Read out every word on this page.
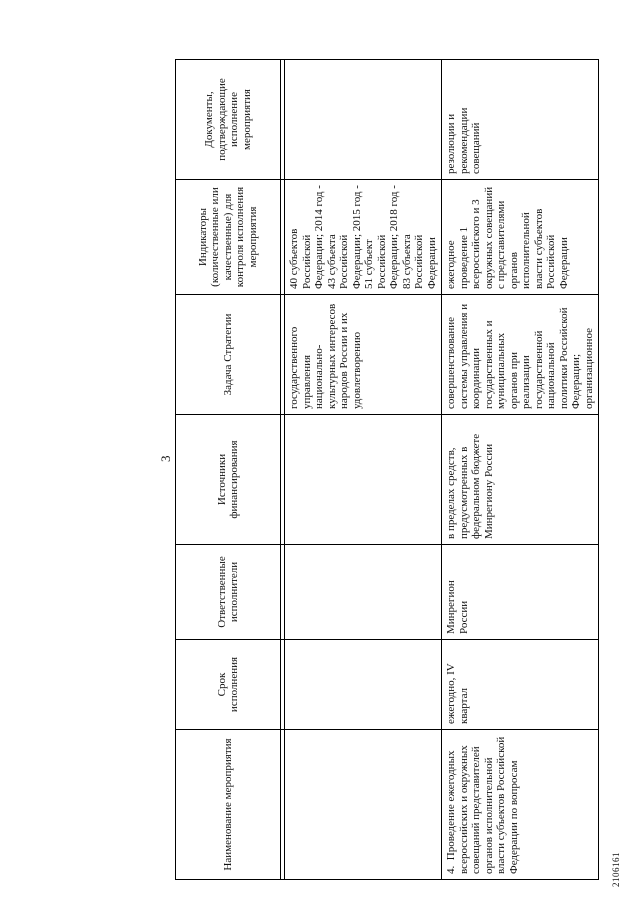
3
Наименование мероприятия	Срок исполнения	Ответственные исполнители	Источники финансирования	Задача Стратегии	Индикаторы (количественные или качественные) для контроля исполнения мероприятия	Документы, подтверждающие исполнение мероприятия

				государственного управления национально-культурных интересов народов России и их удовлетворению	40 субъектов Российской Федерации; 2014 год - 43 субъекта Российской Федерации; 2015 год - 51 субъект Российской Федерации; 2018 год - 83 субъекта Российской Федерации	
4.  Проведение ежегодных всероссийских и окружных совещаний представителей органов исполнительной власти субъектов Российской Федерации по вопросам	ежегодно, IV квартал	Минрегион России	в пределах средств, предусмотренных в федеральном бюджете Минрегиону России	совершенствование системы управления и координации государственных и муниципальных органов при реализации государственной национальной политики Российской Федерации; организационное	ежегодное проведение 1 всероссийского и 3 окружных совещаний с представителями органов исполнительной власти субъектов Российской Федерации	резолюции и рекомендации совещаний
2106161
